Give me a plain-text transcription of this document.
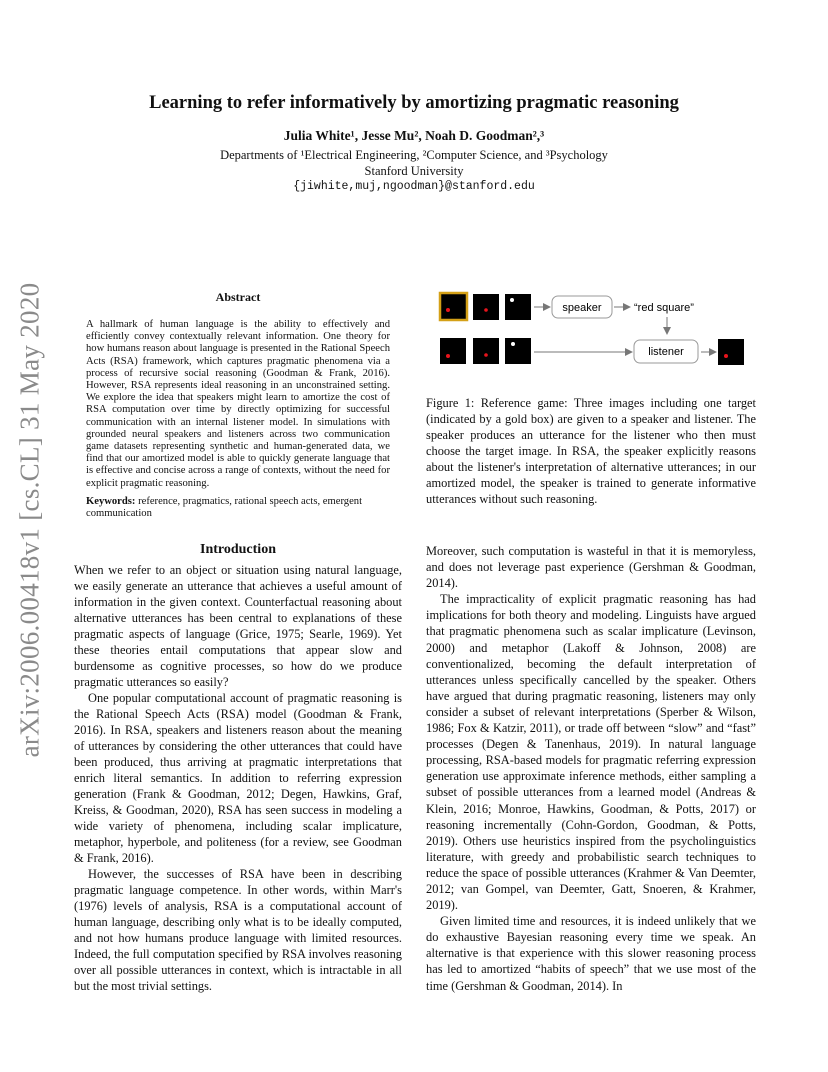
arXiv:2006.00418v1 [cs.CL] 31 May 2020
Learning to refer informatively by amortizing pragmatic reasoning
Julia White¹, Jesse Mu², Noah D. Goodman²,³
Departments of ¹Electrical Engineering, ²Computer Science, and ³Psychology
Stanford University
{jiwhite,muj,ngoodman}@stanford.edu
Abstract
A hallmark of human language is the ability to effectively and efficiently convey contextually relevant information. One theory for how humans reason about language is presented in the Rational Speech Acts (RSA) framework, which captures pragmatic phenomena via a process of recursive social reasoning (Goodman & Frank, 2016). However, RSA represents ideal reasoning in an unconstrained setting. We explore the idea that speakers might learn to amortize the cost of RSA computation over time by directly optimizing for successful communication with an internal listener model. In simulations with grounded neural speakers and listeners across two communication game datasets representing synthetic and human-generated data, we find that our amortized model is able to quickly generate language that is effective and concise across a range of contexts, without the need for explicit pragmatic reasoning.
Keywords: reference, pragmatics, rational speech acts, emergent communication
Introduction

When we refer to an object or situation using natural language, we easily generate an utterance that achieves a useful amount of information in the given context. Counterfactual reasoning about alternative utterances has been central to explanations of these pragmatic aspects of language (Grice, 1975; Searle, 1969). Yet these theories entail computations that appear slow and burdensome as cognitive processes, so how do we produce pragmatic utterances so easily?

One popular computational account of pragmatic reasoning is the Rational Speech Acts (RSA) model (Goodman & Frank, 2016). In RSA, speakers and listeners reason about the meaning of utterances by considering the other utterances that could have been produced, thus arriving at pragmatic interpretations that enrich literal semantics. In addition to referring expression generation (Frank & Goodman, 2012; Degen, Hawkins, Graf, Kreiss, & Goodman, 2020), RSA has seen success in modeling a wide variety of phenomena, including scalar implicature, metaphor, hyperbole, and politeness (for a review, see Goodman & Frank, 2016).

However, the successes of RSA have been in describing pragmatic language competence. In other words, within Marr's (1976) levels of analysis, RSA is a computational account of human language, describing only what is to be ideally computed, and not how humans produce language with limited resources. Indeed, the full computation specified by RSA involves reasoning over all possible utterances in context, which is intractable in all but the most trivial settings.

speaker	“red square”
listener
Figure 1: Reference game: Three images including one target (indicated by a gold box) are given to a speaker and listener. The speaker produces an utterance for the listener who then must choose the target image. In RSA, the speaker explicitly reasons about the listener's interpretation of alternative utterances; in our amortized model, the speaker is trained to generate informative utterances without such reasoning.

Moreover, such computation is wasteful in that it is memoryless, and does not leverage past experience (Gershman & Goodman, 2014).

The impracticality of explicit pragmatic reasoning has had implications for both theory and modeling. Linguists have argued that pragmatic phenomena such as scalar implicature (Levinson, 2000) and metaphor (Lakoff & Johnson, 2008) are conventionalized, becoming the default interpretation of utterances unless specifically cancelled by the speaker. Others have argued that during pragmatic reasoning, listeners may only consider a subset of relevant interpretations (Sperber & Wilson, 1986; Fox & Katzir, 2011), or trade off between “slow” and “fast” processes (Degen & Tanenhaus, 2019). In natural language processing, RSA-based models for pragmatic referring expression generation use approximate inference methods, either sampling a subset of possible utterances from a learned model (Andreas & Klein, 2016; Monroe, Hawkins, Goodman, & Potts, 2017) or reasoning incrementally (Cohn-Gordon, Goodman, & Potts, 2019). Others use heuristics inspired from the psycholinguistics literature, with greedy and probabilistic search techniques to reduce the space of possible utterances (Krahmer & Van Deemter, 2012; van Gompel, van Deemter, Gatt, Snoeren, & Krahmer, 2019).

Given limited time and resources, it is indeed unlikely that we do exhaustive Bayesian reasoning every time we speak. An alternative is that experience with this slower reasoning process has led to amortized “habits of speech” that we use most of the time (Gershman & Goodman, 2014). In
